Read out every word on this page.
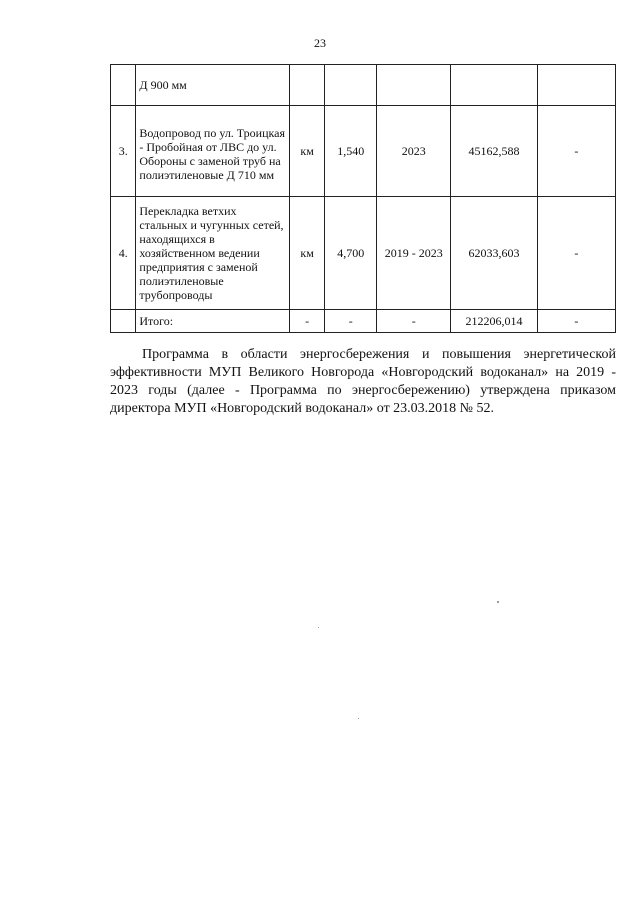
23
	Д 900 мм					
3.	Водопровод по ул. Троицкая - Пробойная от ЛВС до ул. Обороны с заменой труб на полиэтиленовые Д 710 мм	км	1,540	2023	45162,588	-
4.	Перекладка ветхих стальных и чугунных сетей, находящихся в хозяйственном ведении предприятия с заменой полиэтиленовые трубопроводы	км	4,700	2019 - 2023	62033,603	-
	Итого:	-	-	-	212206,014	-
Программа в области энергосбережения и повышения энергетической эффективности МУП Великого Новгорода «Новгородский водоканал» на 2019 - 2023 годы (далее - Программа по энергосбережению) утверждена приказом директора МУП «Новгородский водоканал» от 23.03.2018 № 52.
